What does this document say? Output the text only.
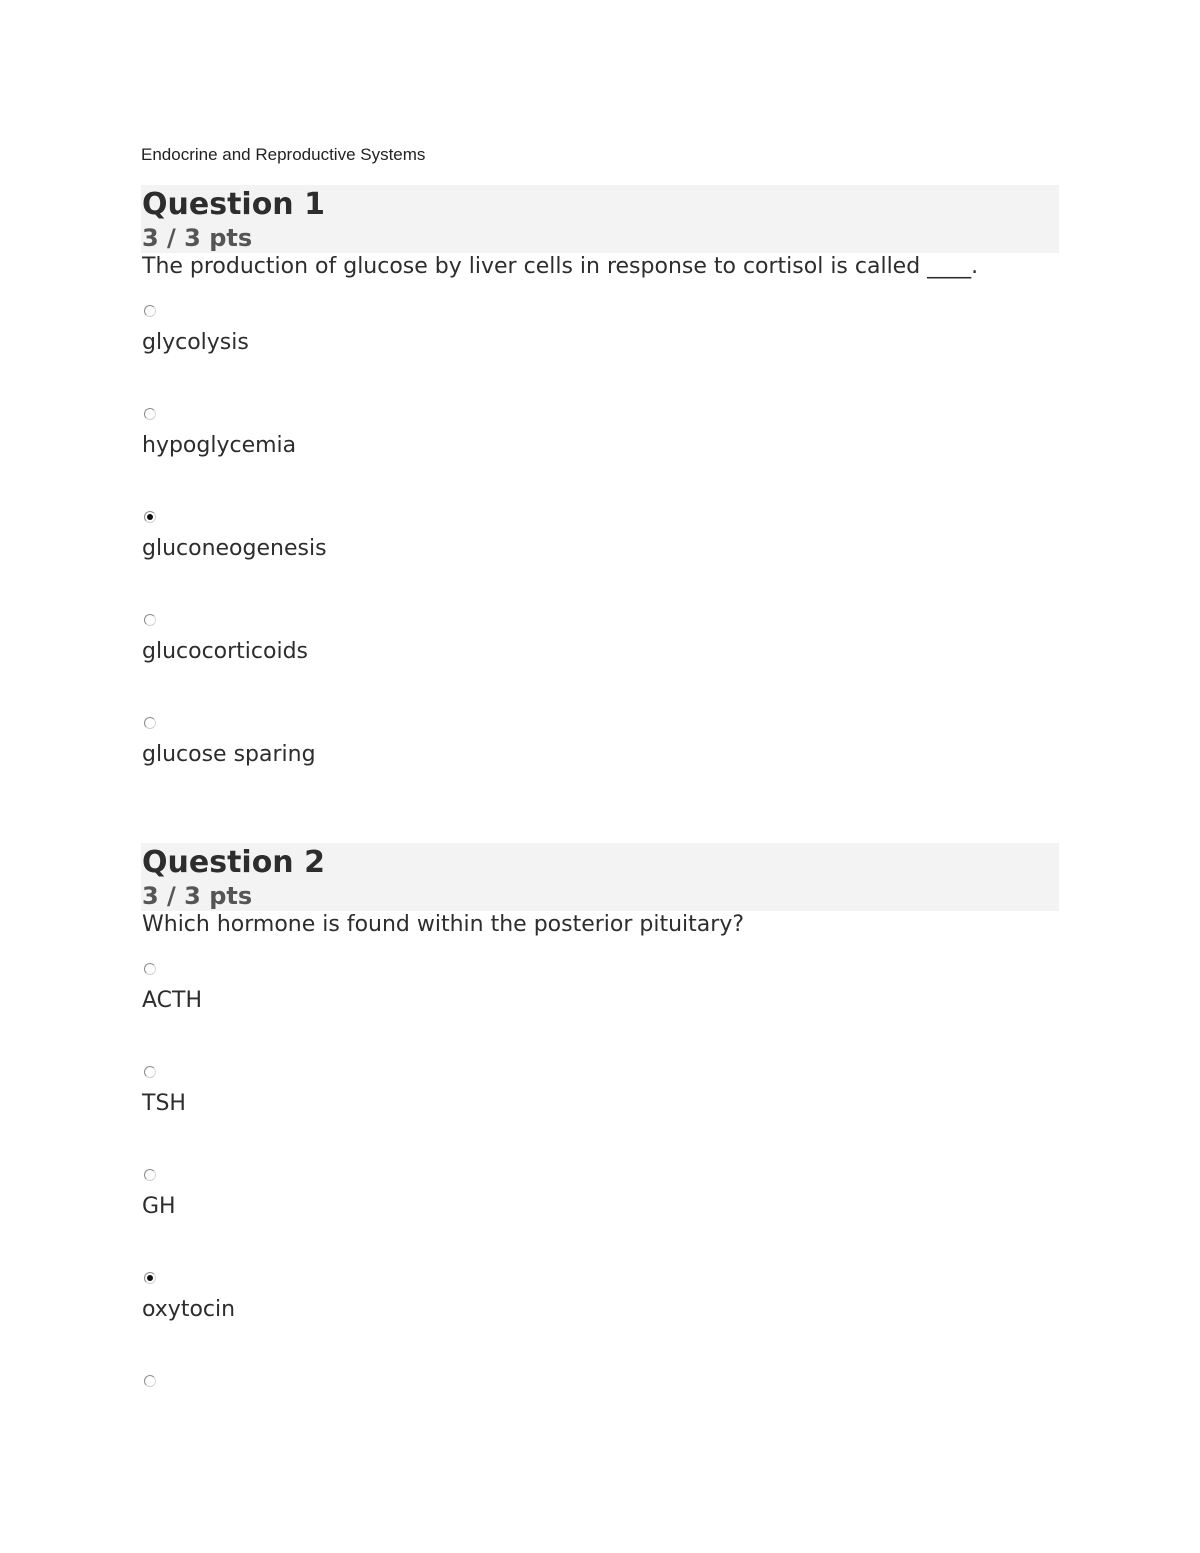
Endocrine and Reproductive Systems
Question 1
3 / 3 pts
The production of glucose by liver cells in response to cortisol is called ____.
glycolysis
hypoglycemia
gluconeogenesis
glucocorticoids
glucose sparing
Question 2
3 / 3 pts
Which hormone is found within the posterior pituitary?
ACTH
TSH
GH
oxytocin
